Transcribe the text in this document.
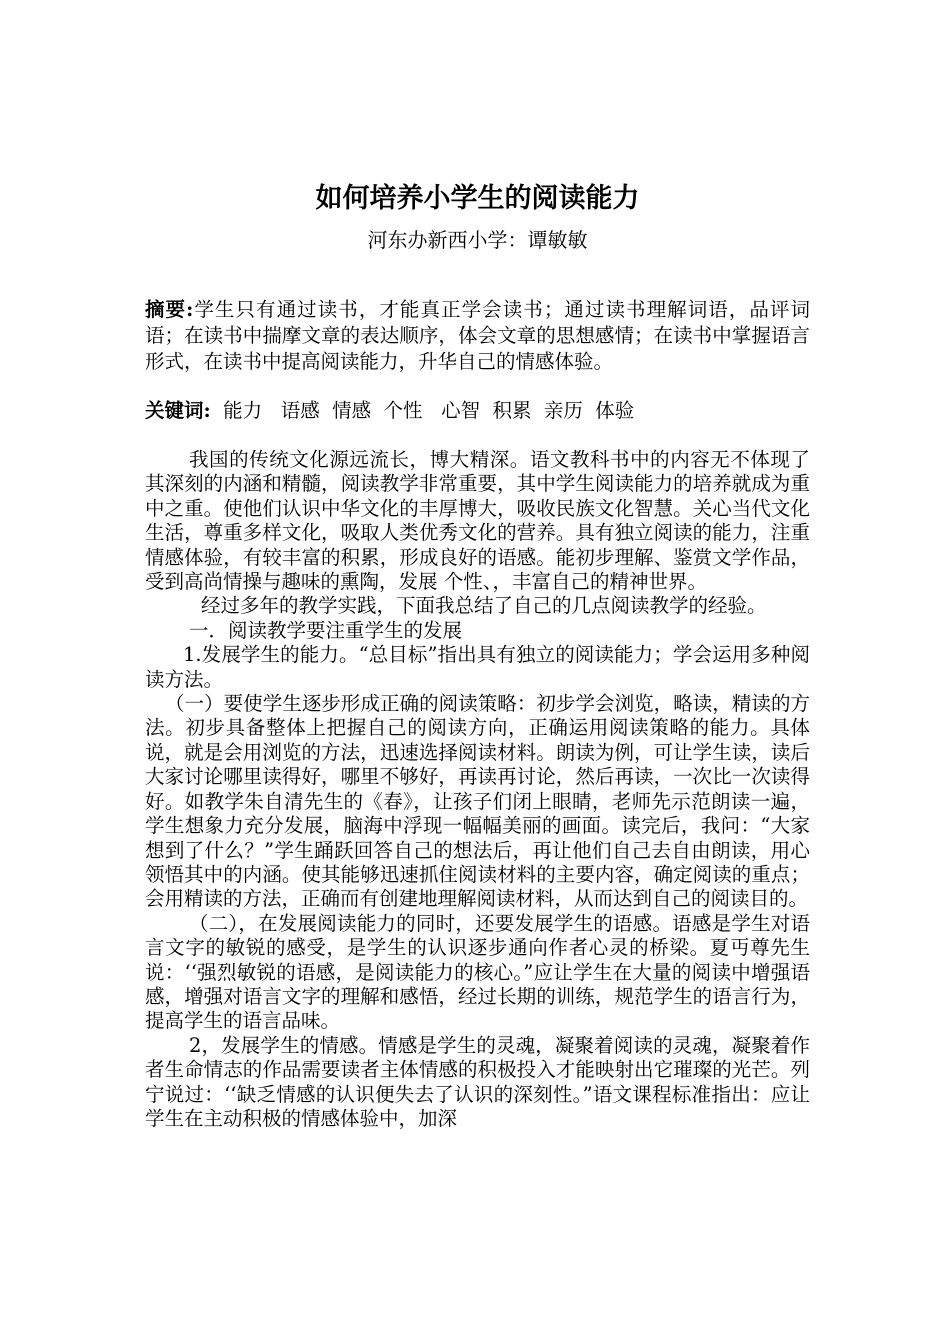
如何培养小学生的阅读能力
河东办新西小学：谭敏敏
摘要:学生只有通过读书，才能真正学会读书；通过读书理解词语，品评词语；在读书中揣摩文章的表达顺序，体会文章的思想感情；在读书中掌握语言形式，在读书中提高阅读能力，升华自己的情感体验。
关键词:  能力   语感  情感  个性   心智  积累  亲历  体验

我国的传统文化源远流长，博大精深。语文教科书中的内容无不体现了其深刻的内涵和精髓，阅读教学非常重要，其中学生阅读能力的培养就成为重中之重。使他们认识中华文化的丰厚博大，吸收民族文化智慧。关心当代文化生活，尊重多样文化，吸取人类优秀文化的营养。具有独立阅读的能力，注重情感体验，有较丰富的积累，形成良好的语感。能初步理解、鉴赏文学作品，受到高尚情操与趣味的熏陶，发展 个性、，丰富自己的精神世界。

经过多年的教学实践，下面我总结了自己的几点阅读教学的经验。

一．阅读教学要注重学生的发展

1.发展学生的能力。“总目标”指出具有独立的阅读能力；学会运用多种阅读方法。

（一）要使学生逐步形成正确的阅读策略：初步学会浏览，略读，精读的方法。初步具备整体上把握自己的阅读方向，正确运用阅读策略的能力。具体说，就是会用浏览的方法，迅速选择阅读材料。朗读为例，可让学生读，读后大家讨论哪里读得好，哪里不够好，再读再讨论，然后再读，一次比一次读得好。如教学朱自清先生的《春》，让孩子们闭上眼睛，老师先示范朗读一遍，学生想象力充分发展，脑海中浮现一幅幅美丽的画面。读完后，我问：“大家想到了什么？”学生踊跃回答自己的想法后，再让他们自己去自由朗读，用心领悟其中的内涵。使其能够迅速抓住阅读材料的主要内容，确定阅读的重点；会用精读的方法，正确而有创建地理解阅读材料，从而达到自己的阅读目的。

（二），在发展阅读能力的同时，还要发展学生的语感。语感是学生对语言文字的敏锐的感受，是学生的认识逐步通向作者心灵的桥梁。夏丏尊先生说：‘‘强烈敏锐的语感，是阅读能力的核心。”应让学生在大量的阅读中增强语感，增强对语言文字的理解和感悟，经过长期的训练，规范学生的语言行为，提高学生的语言品味。

2，发展学生的情感。情感是学生的灵魂，凝聚着阅读的灵魂，凝聚着作者生命情志的作品需要读者主体情感的积极投入才能映射出它璀璨的光芒。列宁说过：‘‘缺乏情感的认识便失去了认识的深刻性。”语文课程标准指出：应让学生在主动积极的情感体验中，加深
